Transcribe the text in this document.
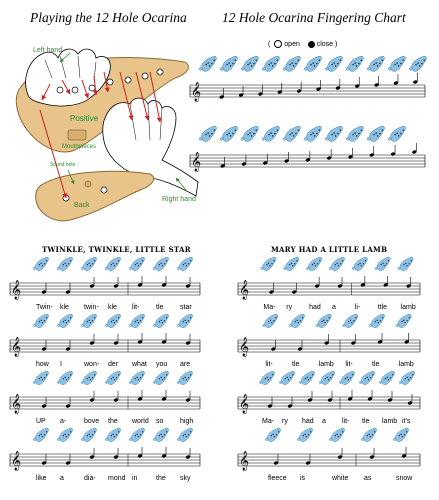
Playing the 12 Hole Ocarina	12 Hole Ocarina Fingering Chart
( open close )
Left hand
Positive
Mouthpieces
Sound hole
Back
Right hand
𝄞
𝄞
𝄞
𝄞
𝄞
𝄞
𝄞
𝄞
𝄞
𝄞
TWINKLE, TWINKLE, LITTLE STAR	MARY HAD A LITTLE LAMB
Twin- kle twin- kle lit- tle star
how I	won- der what you are
UP a-	bove the world so high
like a	dia- mond in	the sky
Ma- ry had a	li- ttle lamb
lit-	tle	lamb lit-	tle	lamb
Ma- ry had a lit- tle lamb it's
fleece is	white as	snow
